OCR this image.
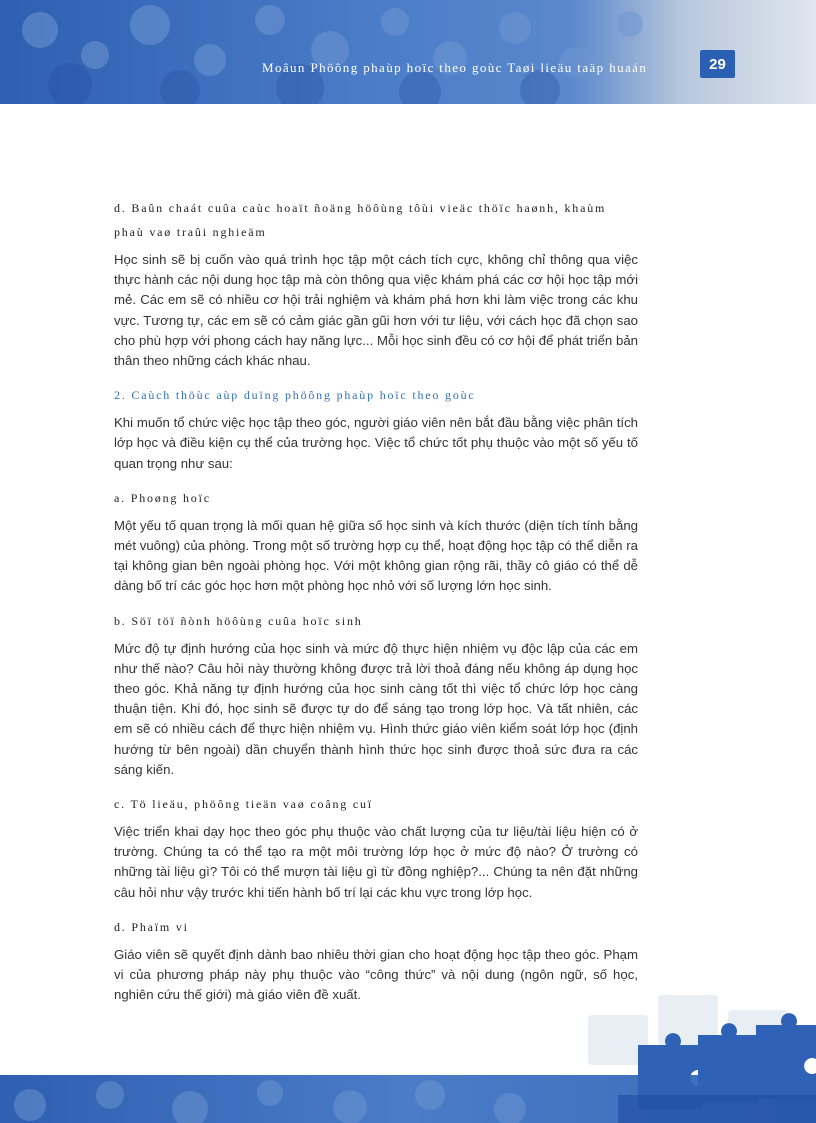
Moâun Phöông phaùp hoïc theo goùc Taøi lieäu taäp huaán	29
d. Baûn chaát cuûa caùc hoaït ñoäng höôùng tôùi vieäc thöïc haønh, khaùm phaù vaø traûi nghieäm

Học sinh sẽ bị cuốn vào quá trình học tập một cách tích cực, không chỉ thông qua việc thực hành các nội dung học tập mà còn thông qua việc khám phá các cơ hội học tập mới mẻ. Các em sẽ có nhiều cơ hội trải nghiệm và khám phá hơn khi làm việc trong các khu vực. Tương tự, các em sẽ có cảm giác gần gũi hơn với tư liệu, với cách học đã chọn sao cho phù hợp với phong cách hay năng lực... Mỗi học sinh đều có cơ hội để phát triển bản thân theo những cách khác nhau.

2. Caùch thöùc aùp duïng phöông phaùp hoïc theo goùc

Khi muốn tổ chức việc học tập theo góc, người giáo viên nên bắt đầu bằng việc phân tích lớp học và điều kiện cụ thể của trường học. Việc tổ chức tốt phụ thuộc vào một số yếu tố quan trọng như sau:

a. Phoøng hoïc

Một yếu tố quan trọng là mối quan hệ giữa số học sinh và kích thước (diện tích tính bằng mét vuông) của phòng. Trong một số trường hợp cụ thể, hoạt động học tập có thể diễn ra tại không gian bên ngoài phòng học. Với một không gian rộng rãi, thầy cô giáo có thể dễ dàng bố trí các góc học hơn một phòng học nhỏ với số lượng lớn học sinh.

b. Söï töï ñònh höôùng cuûa hoïc sinh

Mức độ tự định hướng của học sinh và mức độ thực hiện nhiệm vụ độc lập của các em như thế nào? Câu hỏi này thường không được trả lời thoả đáng nếu không áp dụng học theo góc. Khả năng tự định hướng của học sinh càng tốt thì việc tổ chức lớp học càng thuận tiện. Khi đó, học sinh sẽ được tự do để sáng tạo trong lớp học. Và tất nhiên, các em sẽ có nhiều cách để thực hiện nhiệm vụ. Hình thức giáo viên kiểm soát lớp học (định hướng từ bên ngoài) dần chuyển thành hình thức học sinh được thoả sức đưa ra các sáng kiến.

c. Tö lieäu, phöông tieän vaø coâng cuï

Việc triển khai dạy học theo góc phụ thuộc vào chất lượng của tư liệu/tài liệu hiện có ở trường. Chúng ta có thể tạo ra một môi trường lớp học ở mức độ nào? Ở trường có những tài liệu gì? Tôi có thể mượn tài liệu gì từ đồng nghiệp?... Chúng ta nên đặt những câu hỏi như vậy trước khi tiến hành bố trí lại các khu vực trong lớp học.

d. Phaïm vi

Giáo viên sẽ quyết định dành bao nhiêu thời gian cho hoạt động học tập theo góc. Phạm vi của phương pháp này phụ thuộc vào “công thức” và nội dung (ngôn ngữ, số học, nghiên cứu thế giới) mà giáo viên đề xuất.
